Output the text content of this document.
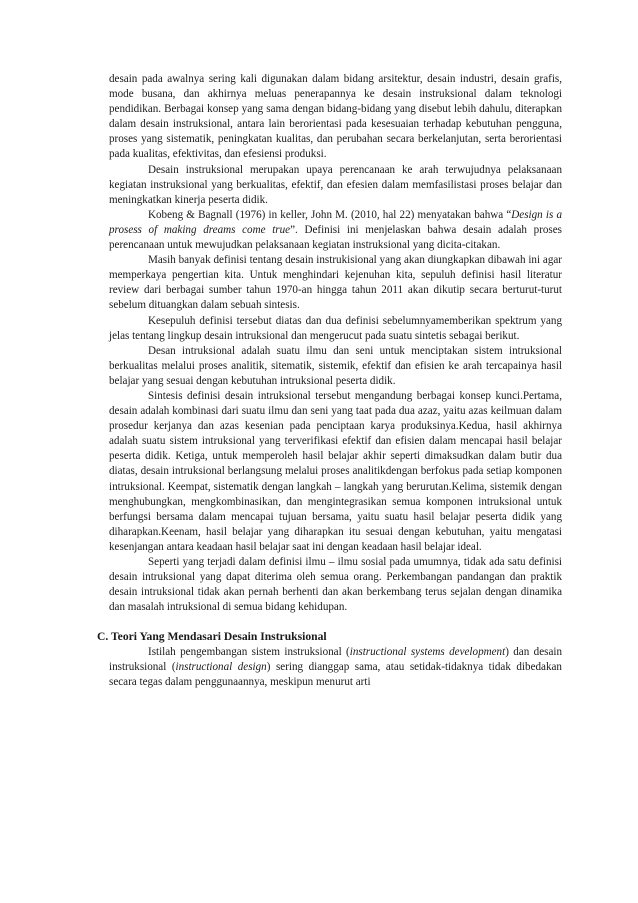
desain pada awalnya sering kali digunakan dalam bidang arsitektur, desain industri, desain grafis, mode busana, dan akhirnya meluas penerapannya ke desain instruksional dalam teknologi pendidikan. Berbagai konsep yang sama dengan bidang-bidang yang disebut lebih dahulu, diterapkan dalam desain instruksional, antara lain berorientasi pada kesesuaian terhadap kebutuhan pengguna, proses yang sistematik, peningkatan kualitas, dan perubahan secara berkelanjutan, serta berorientasi pada kualitas, efektivitas, dan efesiensi produksi.

Desain instruksional merupakan upaya perencanaan ke arah terwujudnya pelaksanaan kegiatan instruksional yang berkualitas, efektif, dan efesien dalam memfasilistasi proses belajar dan meningkatkan kinerja peserta didik.

Kobeng & Bagnall (1976) in keller, John M. (2010, hal 22) menyatakan bahwa “Design is a prosess of making dreams come true”. Definisi ini menjelaskan bahwa desain adalah proses perencanaan untuk mewujudkan pelaksanaan kegiatan instruksional yang dicita-citakan.

Masih banyak definisi tentang desain instrukisional yang akan diungkapkan dibawah ini agar memperkaya pengertian kita. Untuk menghindari kejenuhan kita, sepuluh definisi hasil literatur review dari berbagai sumber tahun 1970-an hingga tahun 2011 akan dikutip secara berturut-turut sebelum dituangkan dalam sebuah sintesis.

Kesepuluh definisi tersebut diatas dan dua definisi sebelumnyamemberikan spektrum yang jelas tentang lingkup desain intruksional dan mengerucut pada suatu sintetis sebagai berikut.

Desan intruksional adalah suatu ilmu dan seni untuk menciptakan sistem intruksional berkualitas melalui proses analitik, sitematik, sistemik, efektif dan efisien ke arah tercapainya hasil belajar yang sesuai dengan kebutuhan intruksional peserta didik.

Sintesis definisi desain intruksional tersebut mengandung berbagai konsep kunci.Pertama, desain adalah kombinasi dari suatu ilmu dan seni yang taat pada dua azaz, yaitu azas keilmuan dalam prosedur kerjanya dan azas kesenian pada penciptaan karya produksinya.Kedua, hasil akhirnya adalah suatu sistem intruksional yang terverifikasi efektif dan efisien dalam mencapai hasil belajar peserta didik. Ketiga, untuk memperoleh hasil belajar akhir seperti dimaksudkan dalam butir dua diatas, desain intruksional berlangsung melalui proses analitikdengan berfokus pada setiap komponen intruksional. Keempat, sistematik dengan langkah – langkah yang berurutan.Kelima, sistemik dengan menghubungkan, mengkombinasikan, dan mengintegrasikan semua komponen intruksional untuk berfungsi bersama dalam mencapai tujuan bersama, yaitu suatu hasil belajar peserta didik yang diharapkan.Keenam, hasil belajar yang diharapkan itu sesuai dengan kebutuhan, yaitu mengatasi kesenjangan antara keadaan hasil belajar saat ini dengan keadaan hasil belajar ideal.

Seperti yang terjadi dalam definisi ilmu – ilmu sosial pada umumnya, tidak ada satu definisi desain intruksional yang dapat diterima oleh semua orang. Perkembangan pandangan dan praktik desain intruksional tidak akan pernah berhenti dan akan berkembang terus sejalan dengan dinamika dan masalah intruksional di semua bidang kehidupan.

C. Teori Yang Mendasari Desain Instruksional

Istilah pengembangan sistem instruksional (instructional systems development) dan desain instruksional (instructional design) sering dianggap sama, atau setidak-tidaknya tidak dibedakan secara tegas dalam penggunaannya, meskipun menurut arti
